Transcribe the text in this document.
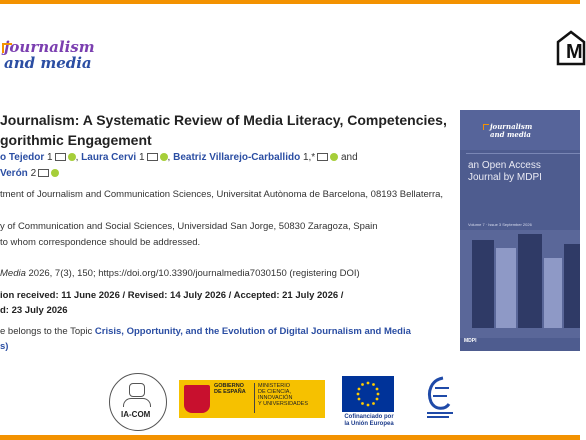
journalism
and media	M
Journalism: A Systematic Review of Media Literacy, Competencies,
gorithmic Engagement
o Tejedor 1 , Laura Cervi 1 , Beatriz Villarejo-Carballido 1,*	and
Verón 2
tment of Journalism and Communication Sciences, Universitat Autònoma de Barcelona, 08193 Bellaterra,
y of Communication and Social Sciences, Universidad San Jorge, 50830 Zaragoza, Spain
to whom correspondence should be addressed.
Media 2026, 7(3), 150; https://doi.org/10.3390/journalmedia7030150 (registering DOI)
ion received: 11 June 2026 / Revised: 14 July 2026 / Accepted: 21 July 2026 /
d: 23 July 2026
e belongs to the Topic Crisis, Opportunity, and the Evolution of Digital Journalism and Media
s)
journalism
and media
an Open Access
Journal by MDPI
Volume 7 · Issue 3 September 2026
MDPI
IA-COM
GOBIERNO
DE ESPAÑA
MINISTERIO
DE CIENCIA, INNOVACIÓN
Y UNIVERSIDADES
Cofinanciado por
la Unión Europea
